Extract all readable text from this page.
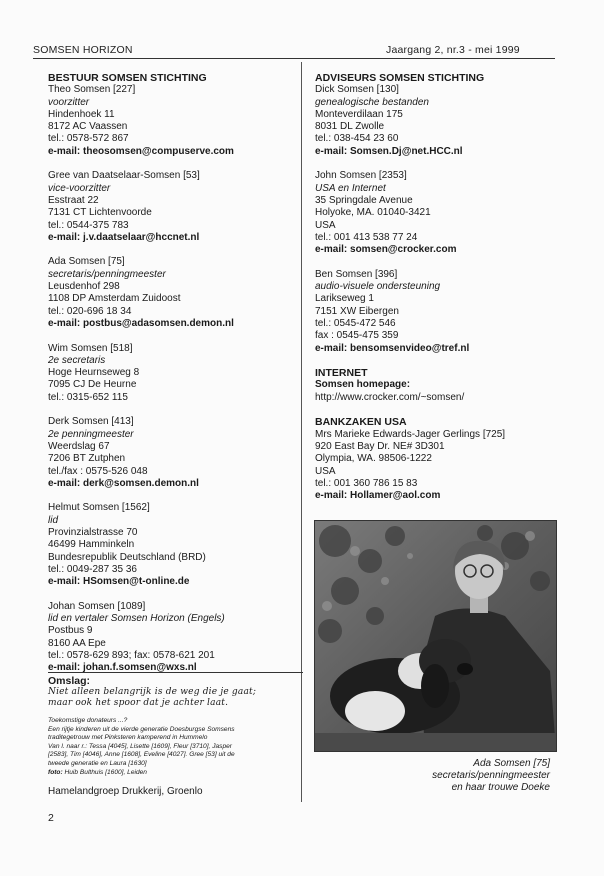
SOMSEN HORIZON	Jaargang 2, nr.3 - mei 1999
BESTUUR SOMSEN STICHTING
Theo Somsen [227]
voorzitter
Hindenhoek 11
8172 AC Vaassen
tel.: 0578-572 867
e-mail: theosomsen@compuserve.com
Gree van Daatselaar-Somsen [53]
vice-voorzitter
Esstraat 22
7131 CT Lichtenvoorde
tel.: 0544-375 783
e-mail: j.v.daatselaar@hccnet.nl
Ada Somsen [75]
secretaris/penningmeester
Leusdenhof 298
1108 DP Amsterdam Zuidoost
tel.: 020-696 18 34
e-mail: postbus@adasomsen.demon.nl
Wim Somsen [518]
2e secretaris
Hoge Heurnseweg 8
7095 CJ De Heurne
tel.: 0315-652 115
Derk Somsen [413]
2e penningmeester
Weerdslag 67
7206 BT Zutphen
tel./fax : 0575-526 048
e-mail: derk@somsen.demon.nl
Helmut Somsen [1562]
lid
Provinzialstrasse 70
46499 Hamminkeln
Bundesrepublik Deutschland (BRD)
tel.: 0049-287 35 36
e-mail: HSomsen@t-online.de
Johan Somsen [1089]
lid en vertaler Somsen Horizon (Engels)
Postbus 9
8160 AA Epe
tel.: 0578-629 893; fax: 0578-621 201
e-mail: johan.f.somsen@wxs.nl
Omslag:
Niet alleen belangrijk is de weg die je gaat;
maar ook het spoor dat je achter laat.
Toekomstige donateurs ...?
Een rijtje kinderen uit de vierde generatie Doesburgse Somsens
traditegetrouw met Pinksteren kamperend in Hummelo
Van l. naar r.: Tessa [4045], Lisette [1609], Fleur [3710], Jasper
[2583], Tim [4046], Anne [1608], Eveline [4027]. Gree [53] uit de
tweede generatie en Laura [1630]
foto: Huib Bulthuis [1600], Leiden
Hamelandgroep Drukkerij, Groenlo
ADVISEURS SOMSEN STICHTING
Dick Somsen [130]
genealogische bestanden
Monteverdilaan 175
8031 DL Zwolle
tel.: 038-454 23 60
e-mail: Somsen.Dj@net.HCC.nl
John Somsen [2353]
USA en Internet
35 Springdale Avenue
Holyoke, MA. 01040-3421
USA
tel.: 001 413 538 77 24
e-mail: somsen@crocker.com
Ben Somsen [396]
audio-visuele ondersteuning
Larikseweg 1
7151 XW Eibergen
tel.: 0545-472 546
fax : 0545-475 359
e-mail: bensomsenvideo@tref.nl
INTERNET
Somsen homepage:
http://www.crocker.com/~somsen/
BANKZAKEN USA
Mrs Marieke Edwards-Jager Gerlings [725]
920 East Bay Dr. NE# 3D301
Olympia, WA. 98506-1222
USA
tel.: 001 360 786 15 83
e-mail: Hollamer@aol.com
Ada Somsen [75]
secretaris/penningmeester
en haar trouwe Doeke
2
